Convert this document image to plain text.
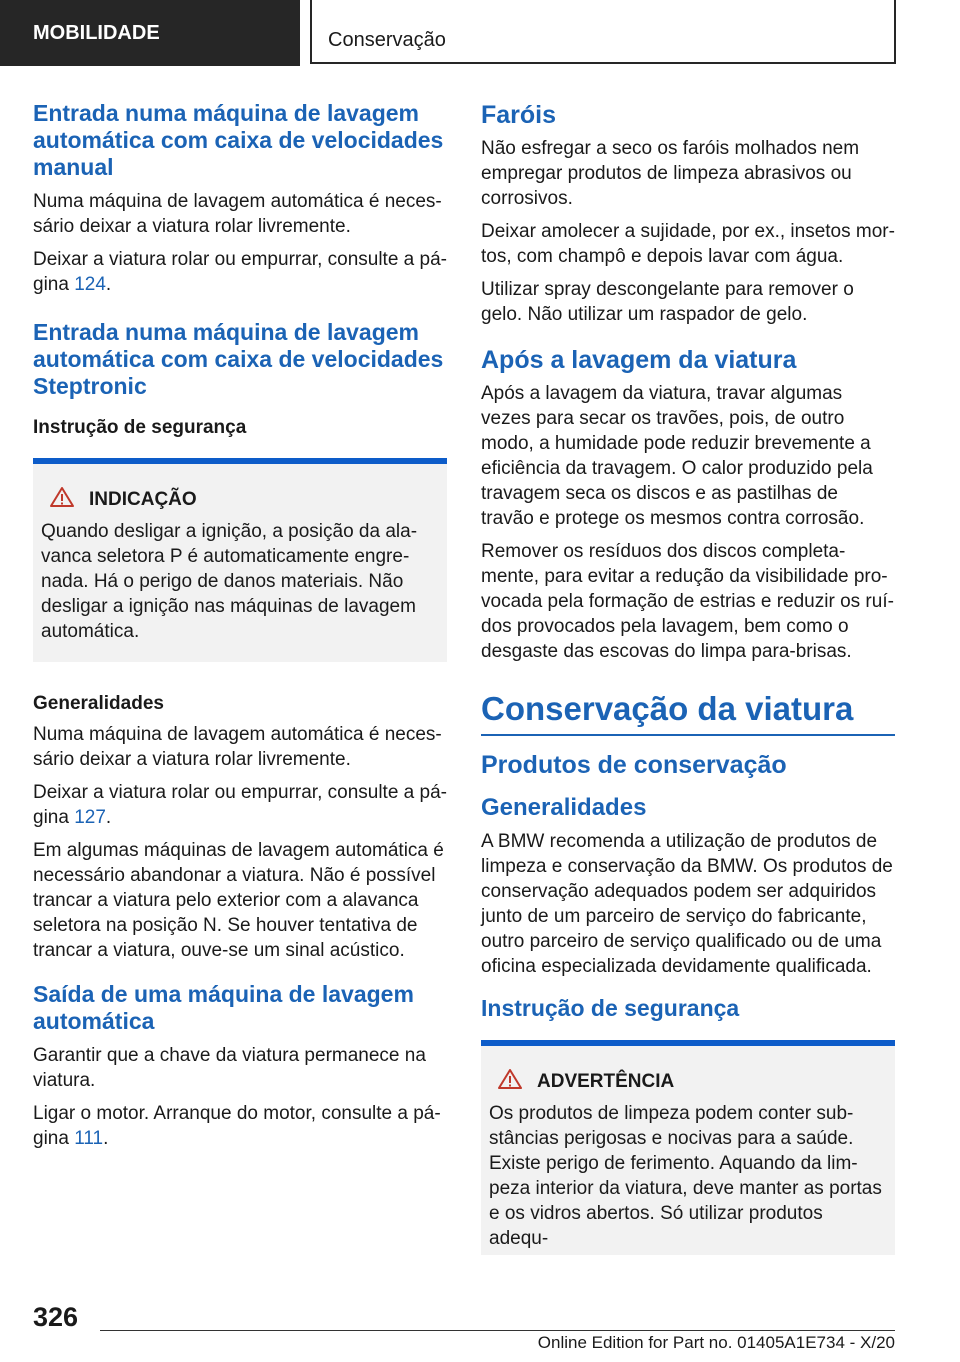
MOBILIDADE	Conservação
Entrada numa máquina de lavagem automática com caixa de velocidades manual

Numa máquina de lavagem automática é necessário deixar a viatura rolar livremente.

Deixar a viatura rolar ou empurrar, consulte a página 124.

Entrada numa máquina de lavagem automática com caixa de velocidades Steptronic
Instrução de segurança
INDICAÇÃO

Quando desligar a ignição, a posição da alavanca seletora P é automaticamente engrenada. Há o perigo de danos materiais. Não desligar a ignição nas máquinas de lavagem automática.

Generalidades

Numa máquina de lavagem automática é necessário deixar a viatura rolar livremente.

Deixar a viatura rolar ou empurrar, consulte a página 127.

Em algumas máquinas de lavagem automática é necessário abandonar a viatura. Não é possível trancar a viatura pelo exterior com a alavanca seletora na posição N. Se houver tentativa de trancar a viatura, ouve-se um sinal acústico.

Saída de uma máquina de lavagem automática

Garantir que a chave da viatura permanece na viatura.

Ligar o motor. Arranque do motor, consulte a página 111.

Faróis

Não esfregar a seco os faróis molhados nem empregar produtos de limpeza abrasivos ou corrosivos.

Deixar amolecer a sujidade, por ex., insetos mortos, com champô e depois lavar com água.

Utilizar spray descongelante para remover o gelo. Não utilizar um raspador de gelo.

Após a lavagem da viatura

Após a lavagem da viatura, travar algumas vezes para secar os travões, pois, de outro modo, a humidade pode reduzir brevemente a eficiência da travagem. O calor produzido pela travagem seca os discos e as pastilhas de travão e protege os mesmos contra corrosão.

Remover os resíduos dos discos completamente, para evitar a redução da visibilidade provocada pela formação de estrias e reduzir os ruídos provocados pela lavagem, bem como o desgaste das escovas do limpa para-brisas.

Conservação da viatura
Produtos de conservação
Generalidades

A BMW recomenda a utilização de produtos de limpeza e conservação da BMW. Os produtos de conservação adequados podem ser adquiridos junto de um parceiro de serviço do fabricante, outro parceiro de serviço qualificado ou de uma oficina especializada devidamente qualificada.

Instrução de segurança
ADVERTÊNCIA

Os produtos de limpeza podem conter substâncias perigosas e nocivas para a saúde. Existe perigo de ferimento. Aquando da limpeza interior da viatura, deve manter as portas e os vidros abertos. Só utilizar produtos adequ-

326
Online Edition for Part no. 01405A1E734 - X/20
